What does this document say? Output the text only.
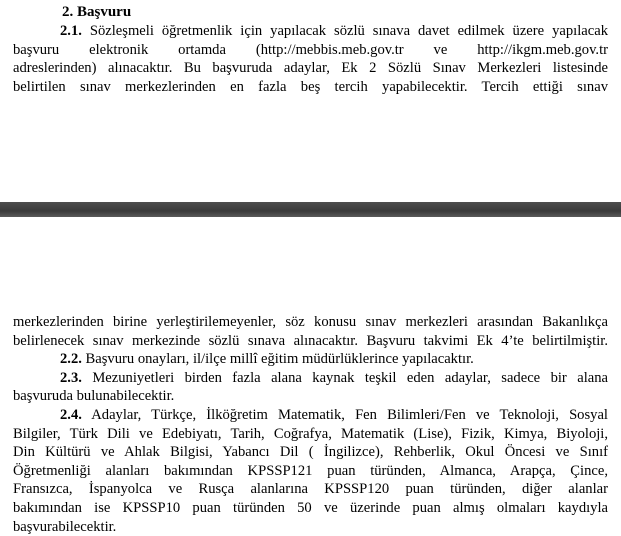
2. Başvuru
2.1. Sözleşmeli öğretmenlik için yapılacak sözlü sınava davet edilmek üzere yapılacak
başvuru elektronik ortamda (http://mebbis.meb.gov.tr ve http://ikgm.meb.gov.tr
adreslerinden) alınacaktır. Bu başvuruda adaylar, Ek 2 Sözlü Sınav Merkezleri listesinde
belirtilen sınav merkezlerinden en fazla beş tercih yapabilecektir. Tercih ettiği sınav
merkezlerinden birine yerleştirilemeyenler, söz konusu sınav merkezleri arasından Bakanlıkça
belirlenecek sınav merkezinde sözlü sınava alınacaktır. Başvuru takvimi Ek 4’te belirtilmiştir.
2.2. Başvuru onayları, il/ilçe millî eğitim müdürlüklerince yapılacaktır.
2.3. Mezuniyetleri birden fazla alana kaynak teşkil eden adaylar, sadece bir alana
başvuruda bulunabilecektir.
2.4. Adaylar, Türkçe, İlköğretim Matematik, Fen Bilimleri/Fen ve Teknoloji, Sosyal
Bilgiler, Türk Dili ve Edebiyatı, Tarih, Coğrafya, Matematik (Lise), Fizik, Kimya, Biyoloji,
Din Kültürü ve Ahlak Bilgisi, Yabancı Dil ( İngilizce), Rehberlik, Okul Öncesi ve Sınıf
Öğretmenliği alanları bakımından KPSSP121 puan türünden, Almanca, Arapça, Çince,
Fransızca, İspanyolca ve Rusça alanlarına KPSSP120 puan türünden, diğer alanlar
bakımından ise KPSSP10 puan türünden 50 ve üzerinde puan almış olmaları kaydıyla
başvurabilecektir.
